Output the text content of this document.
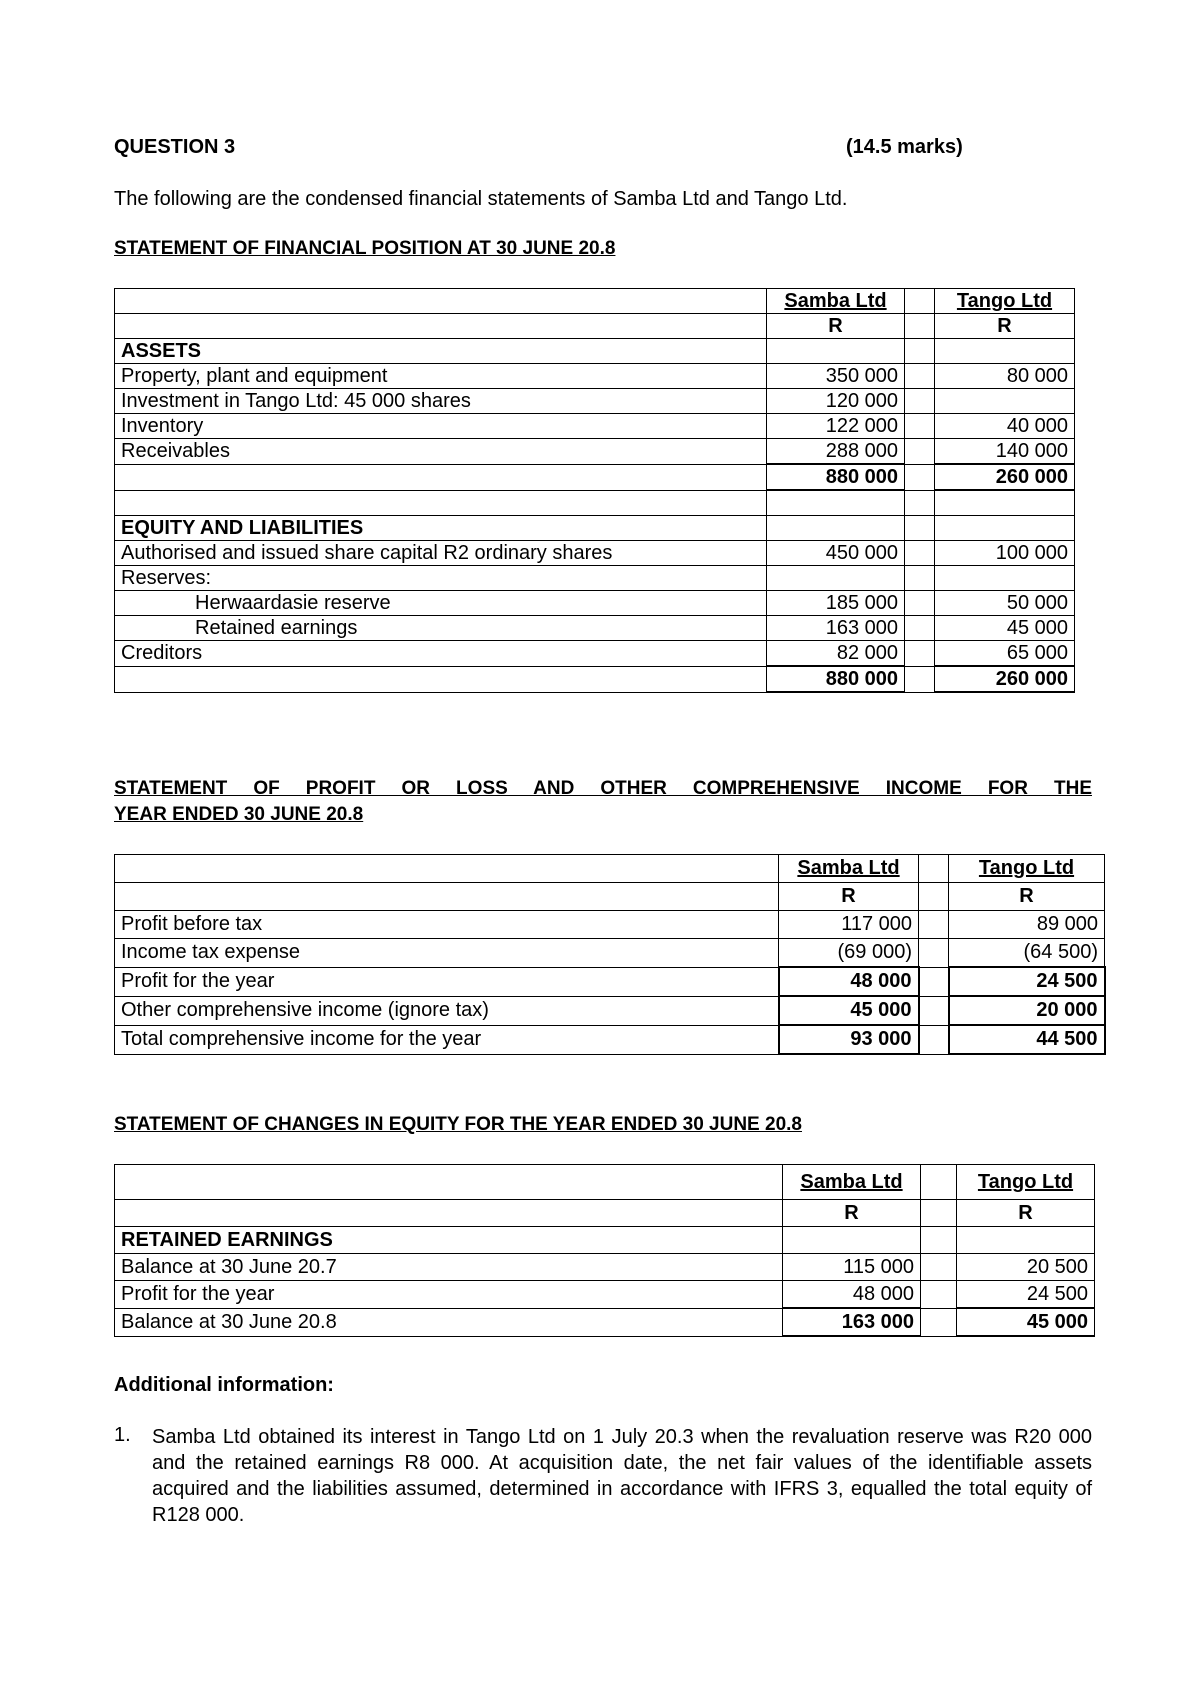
QUESTION 3	(14.5 marks)
The following are the condensed financial statements of Samba Ltd and Tango Ltd.
STATEMENT OF FINANCIAL POSITION AT 30 JUNE 20.8
	Samba Ltd		Tango Ltd
	R		R
ASSETS			
Property, plant and equipment	350 000		80 000
Investment in Tango Ltd: 45 000 shares	120 000		
Inventory	122 000		40 000
Receivables	288 000		140 000
	880 000		260 000

EQUITY AND LIABILITIES			
Authorised and issued share capital R2 ordinary shares	450 000		100 000
Reserves:			
Herwaardasie reserve	185 000		50 000
Retained earnings	163 000		45 000
Creditors	82 000		65 000
	880 000		260 000
STATEMENT OF PROFIT OR LOSS AND OTHER COMPREHENSIVE INCOME FOR THE
YEAR ENDED 30 JUNE 20.8
	Samba Ltd		Tango Ltd
	R		R
Profit before tax	117 000		89 000
Income tax expense	(69 000)		(64 500)
Profit for the year	48 000		24 500
Other comprehensive income (ignore tax)	45 000		20 000
Total comprehensive income for the year	93 000		44 500
STATEMENT OF CHANGES IN EQUITY FOR THE YEAR ENDED 30 JUNE 20.8
	Samba Ltd		Tango Ltd
	R		R
RETAINED EARNINGS			
Balance at 30 June 20.7	115 000		20 500
Profit for the year	48 000		24 500
Balance at 30 June 20.8	163 000		45 000
Additional information:
1. Samba Ltd obtained its interest in Tango Ltd on 1 July 20.3 when the revaluation reserve was R20 000 and the retained earnings R8 000. At acquisition date, the net fair values of the identifiable assets acquired and the liabilities assumed, determined in accordance with IFRS 3, equalled the total equity of R128 000.
